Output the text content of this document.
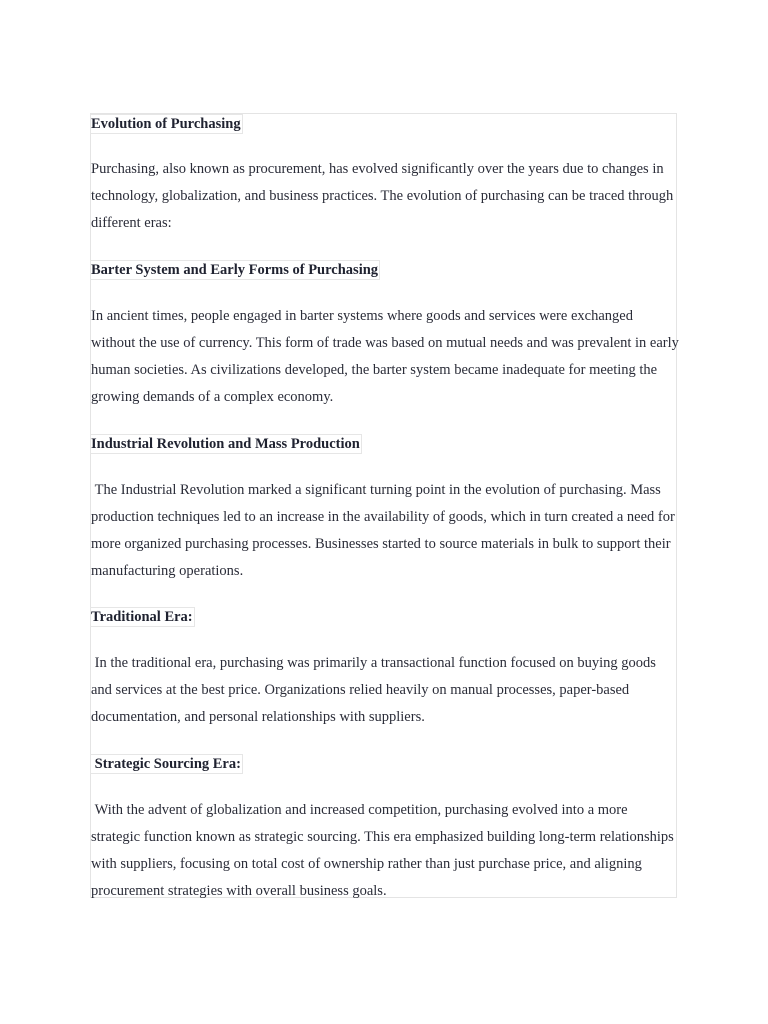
Evolution of Purchasing

Purchasing, also known as procurement, has evolved significantly over the years due to changes in technology, globalization, and business practices. The evolution of purchasing can be traced through different eras:

Barter System and Early Forms of Purchasing

In ancient times, people engaged in barter systems where goods and services were exchanged without the use of currency. This form of trade was based on mutual needs and was prevalent in early human societies. As civilizations developed, the barter system became inadequate for meeting the growing demands of a complex economy.

Industrial Revolution and Mass Production

The Industrial Revolution marked a significant turning point in the evolution of purchasing. Mass production techniques led to an increase in the availability of goods, which in turn created a need for more organized purchasing processes. Businesses started to source materials in bulk to support their manufacturing operations.

Traditional Era:

In the traditional era, purchasing was primarily a transactional function focused on buying goods and services at the best price. Organizations relied heavily on manual processes, paper-based documentation, and personal relationships with suppliers.

Strategic Sourcing Era:

With the advent of globalization and increased competition, purchasing evolved into a more strategic function known as strategic sourcing. This era emphasized building long-term relationships with suppliers, focusing on total cost of ownership rather than just purchase price, and aligning procurement strategies with overall business goals.
